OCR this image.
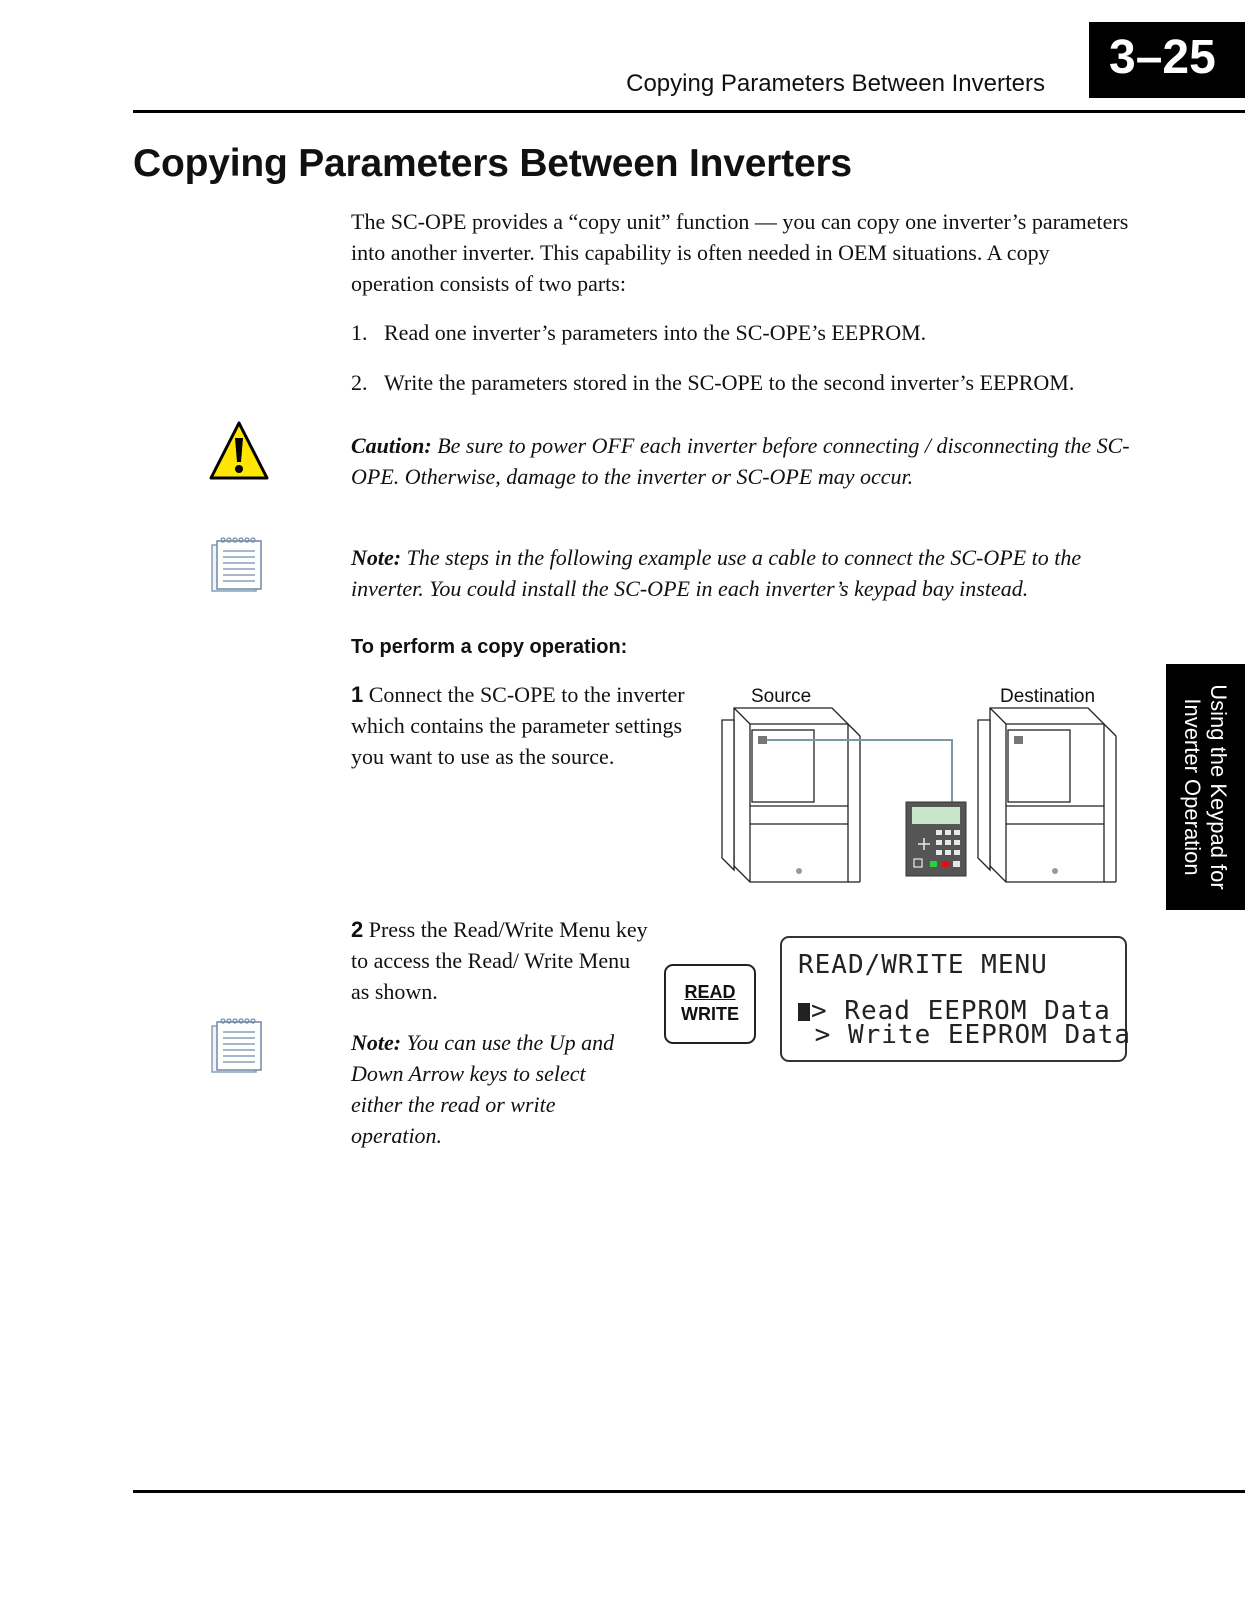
Copying Parameters Between Inverters 3–25
Copying Parameters Between Inverters
The SC-OPE provides a “copy unit” function — you can copy one inverter’s parameters into another inverter. This capability is often needed in OEM situations. A copy operation consists of two parts:
1. Read one inverter’s parameters into the SC-OPE’s EEPROM.
2. Write the parameters stored in the SC-OPE to the second inverter’s EEPROM.
Caution: Be sure to power OFF each inverter before connecting / disconnecting the SC-OPE. Otherwise, damage to the inverter or SC-OPE may occur.
Note: The steps in the following example use a cable to connect the SC-OPE to the inverter. You could install the SC-OPE in each inverter’s keypad bay instead.
To perform a copy operation:
1 Connect the SC-OPE to the inverter which contains the parameter settings you want to use as the source.
Source	Destination	Using the Keypad for
Inverter Operation
2 Press the Read/Write Menu key to access the Read/ Write Menu as shown.
Note: You can use the Up and Down Arrow keys to select either the read or write operation.
READ
WRITE
READ/WRITE MENU
> Read EEPROM Data
> Write EEPROM Data
